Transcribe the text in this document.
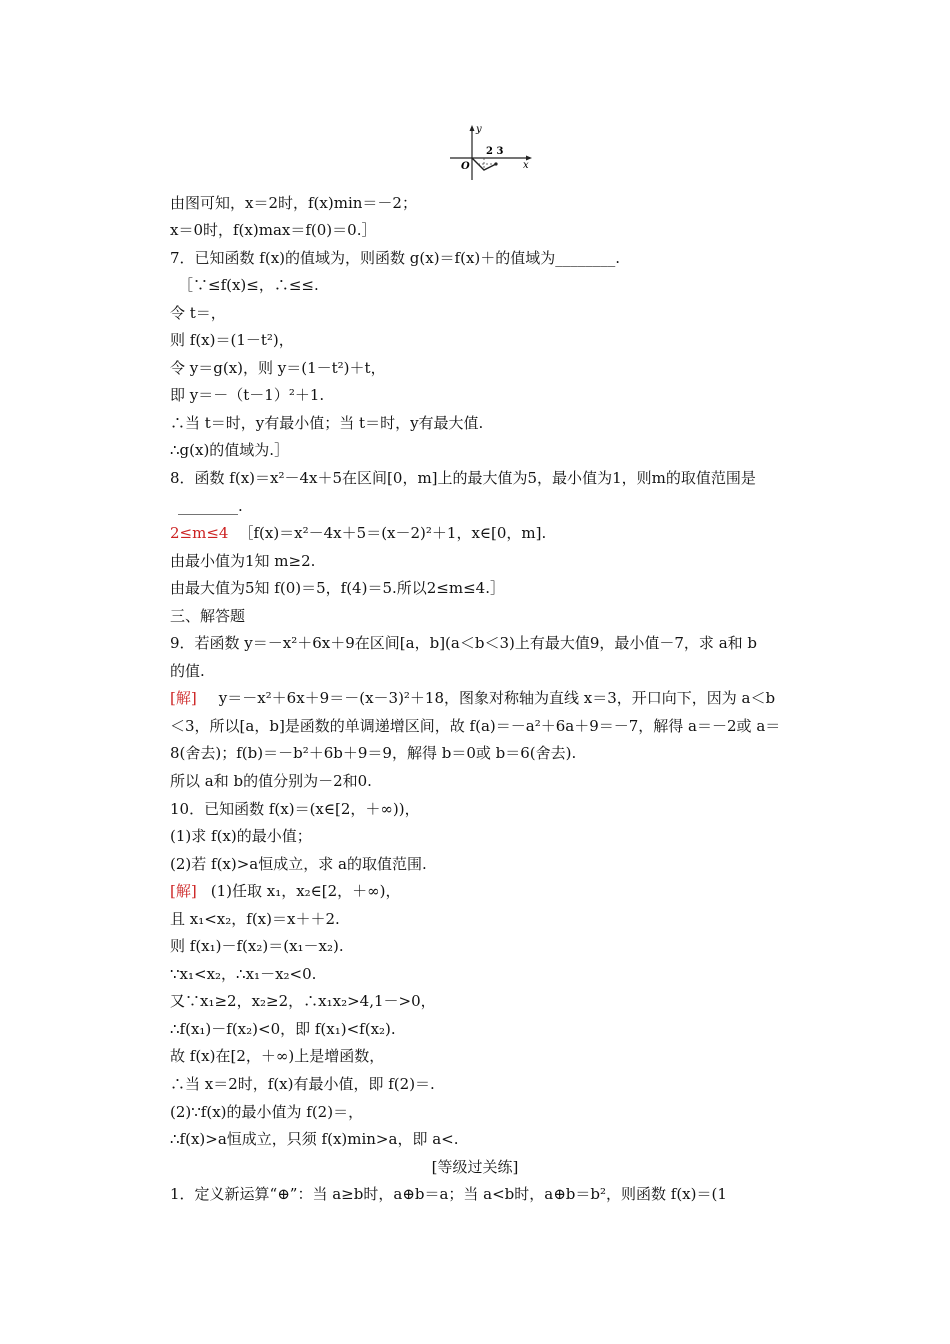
y
x
O
2 3
由图可知，x＝2时，f(x)min＝－2；
x＝0时，f(x)max＝f(0)＝0.］
7．已知函数 f(x)的值域为，则函数 g(x)＝f(x)＋的值域为________.
［∵≤f(x)≤，∴≤≤.
令 t＝，
则 f(x)＝(1－t²)，
令 y＝g(x)，则 y＝(1－t²)＋t，
即 y＝－（t－1）²＋1.
∴当 t＝时，y有最小值；当 t＝时，y有最大值.
∴g(x)的值域为.］
8．函数 f(x)＝x²－4x＋5在区间[0，m]上的最大值为5，最小值为1，则m的取值范围是
________.
2≤m≤4 ［f(x)＝x²－4x＋5＝(x－2)²＋1，x∈[0，m].
由最小值为1知 m≥2.
由最大值为5知 f(0)＝5，f(4)＝5.所以2≤m≤4.］
三、解答题
9．若函数 y＝－x²＋6x＋9在区间[a，b](a＜b＜3)上有最大值9，最小值－7，求 a和 b
的值.
[解] y＝－x²＋6x＋9＝－(x－3)²＋18，图象对称轴为直线 x＝3，开口向下，因为 a＜b
＜3，所以[a，b]是函数的单调递增区间，故 f(a)＝－a²＋6a＋9＝－7，解得 a＝－2或 a＝
8(舍去)；f(b)＝－b²＋6b＋9＝9，解得 b＝0或 b＝6(舍去).
所以 a和 b的值分别为－2和0.
10．已知函数 f(x)＝(x∈[2，＋∞))，
(1)求 f(x)的最小值；
(2)若 f(x)>a恒成立，求 a的取值范围.
[解] (1)任取 x₁，x₂∈[2，＋∞)，
且 x₁<x₂，f(x)＝x＋＋2.
则 f(x₁)－f(x₂)＝(x₁－x₂).
∵x₁<x₂，∴x₁－x₂<0.
又∵x₁≥2，x₂≥2，∴x₁x₂>4,1－>0，
∴f(x₁)－f(x₂)<0，即 f(x₁)<f(x₂).
故 f(x)在[2，＋∞)上是增函数，
∴当 x＝2时，f(x)有最小值，即 f(2)＝.
(2)∵f(x)的最小值为 f(2)＝，
∴f(x)>a恒成立，只须 f(x)min>a，即 a<.
[等级过关练]
1．定义新运算“⊕”：当 a≥b时，a⊕b＝a；当 a<b时，a⊕b＝b²，则函数 f(x)＝(1
